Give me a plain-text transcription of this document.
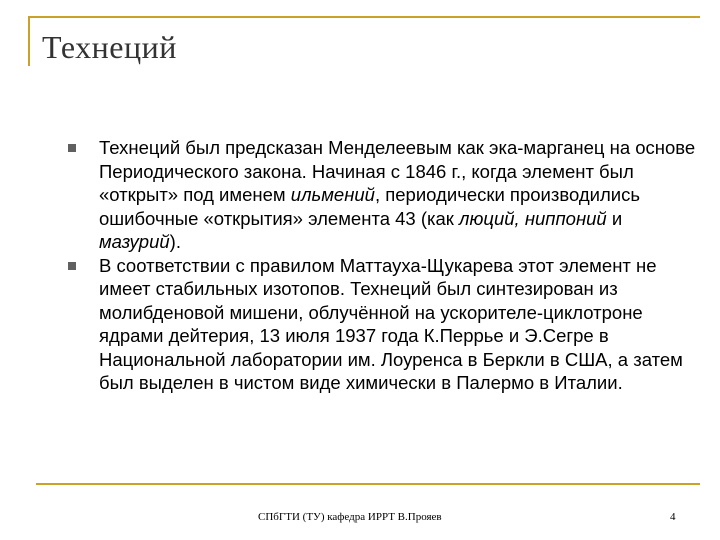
Технеций
Технеций был предсказан Менделеевым как эка-марганец на основе Периодического закона. Начиная с 1846 г., когда элемент был «открыт» под именем ильмений, периодически производились ошибочные «открытия» элемента 43 (как люций, ниппоний и мазурий).
В соответствии с правилом Маттауха-Щукарева этот элемент не имеет стабильных изотопов. Технеций был синтезирован из молибденовой мишени, облучённой на ускорителе-циклотроне ядрами дейтерия, 13 июля 1937 года К.Перрье и Э.Сегре в Национальной лаборатории им. Лоуренса в Беркли в США, а затем был выделен в чистом виде химически в Палермо в Италии.
СПбГТИ (ТУ) кафедра ИРРТ В.Прояев	4
